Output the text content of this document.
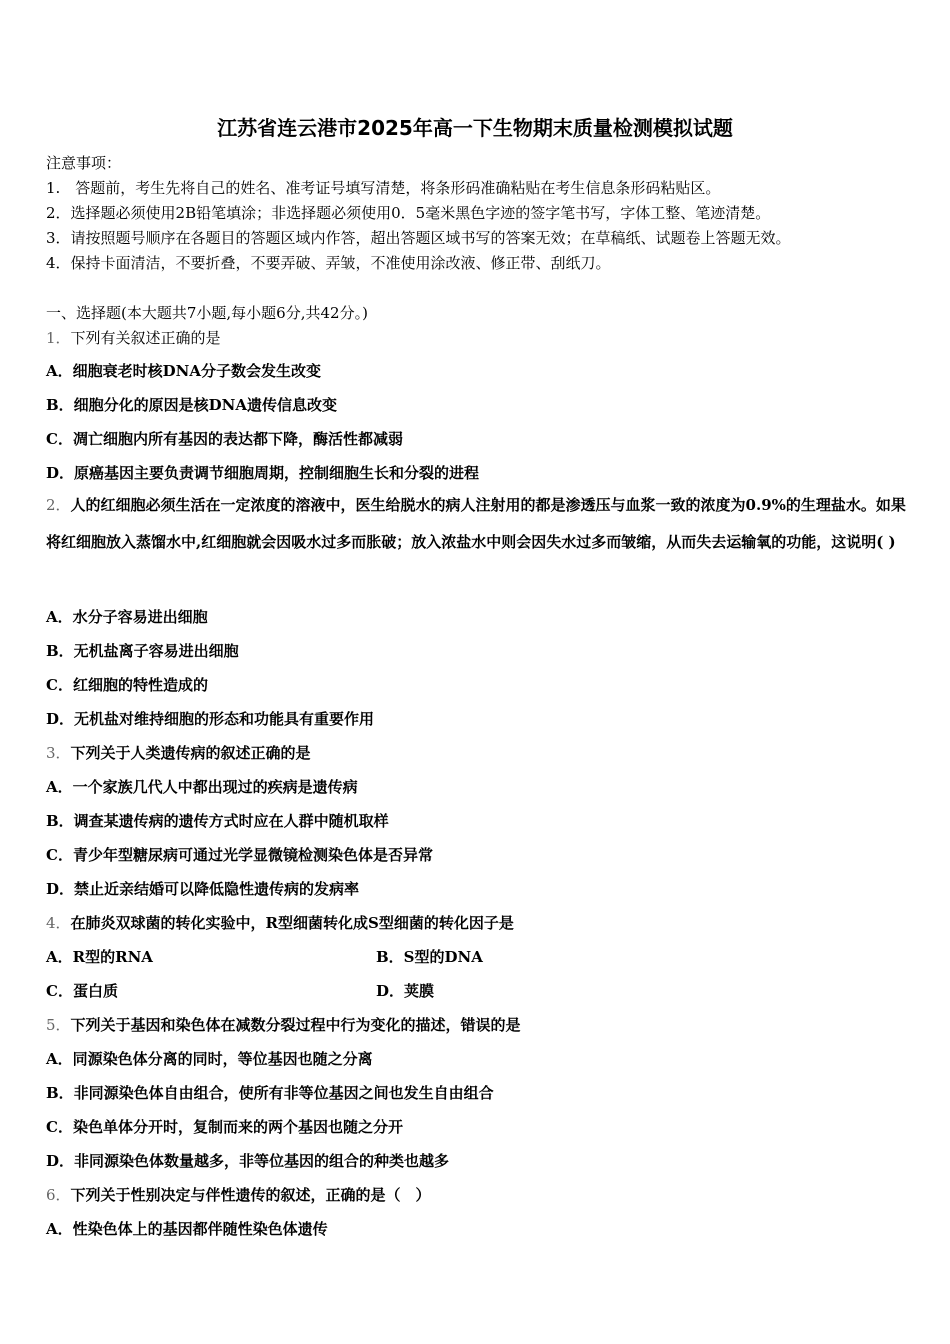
江苏省连云港市2025年高一下生物期末质量检测模拟试题
注意事项：
1.　答题前，考生先将自己的姓名、准考证号填写清楚，将条形码准确粘贴在考生信息条形码粘贴区。
2．选择题必须使用2B铅笔填涂；非选择题必须使用0．5毫米黑色字迹的签字笔书写，字体工整、笔迹清楚。
3．请按照题号顺序在各题目的答题区域内作答，超出答题区域书写的答案无效；在草稿纸、试题卷上答题无效。
4．保持卡面清洁，不要折叠，不要弄破、弄皱，不准使用涂改液、修正带、刮纸刀。
一、选择题(本大题共7小题,每小题6分,共42分。)
1．下列有关叙述正确的是
A．细胞衰老时核DNA分子数会发生改变
B．细胞分化的原因是核DNA遗传信息改变
C．凋亡细胞内所有基因的表达都下降，酶活性都减弱
D．原癌基因主要负责调节细胞周期，控制细胞生长和分裂的进程
2．人的红细胞必须生活在一定浓度的溶液中，医生给脱水的病人注射用的都是渗透压与血浆一致的浓度为0.9%的生理盐水。如果将红细胞放入蒸馏水中,红细胞就会因吸水过多而胀破；放入浓盐水中则会因失水过多而皱缩，从而失去运输氧的功能，这说明( )
A．水分子容易进出细胞
B．无机盐离子容易进出细胞
C．红细胞的特性造成的
D．无机盐对维持细胞的形态和功能具有重要作用
3．下列关于人类遗传病的叙述正确的是
A．一个家族几代人中都出现过的疾病是遗传病
B．调查某遗传病的遗传方式时应在人群中随机取样
C．青少年型糖尿病可通过光学显微镜检测染色体是否异常
D．禁止近亲结婚可以降低隐性遗传病的发病率
4．在肺炎双球菌的转化实验中，R型细菌转化成S型细菌的转化因子是
A．R型的RNA	B．S型的DNA
C．蛋白质	D．荚膜
5．下列关于基因和染色体在减数分裂过程中行为变化的描述，错误的是
A．同源染色体分离的同时，等位基因也随之分离
B．非同源染色体自由组合，使所有非等位基因之间也发生自由组合
C．染色单体分开时，复制而来的两个基因也随之分开
D．非同源染色体数量越多，非等位基因的组合的种类也越多
6．下列关于性别决定与伴性遗传的叙述，正确的是（　）
A．性染色体上的基因都伴随性染色体遗传
